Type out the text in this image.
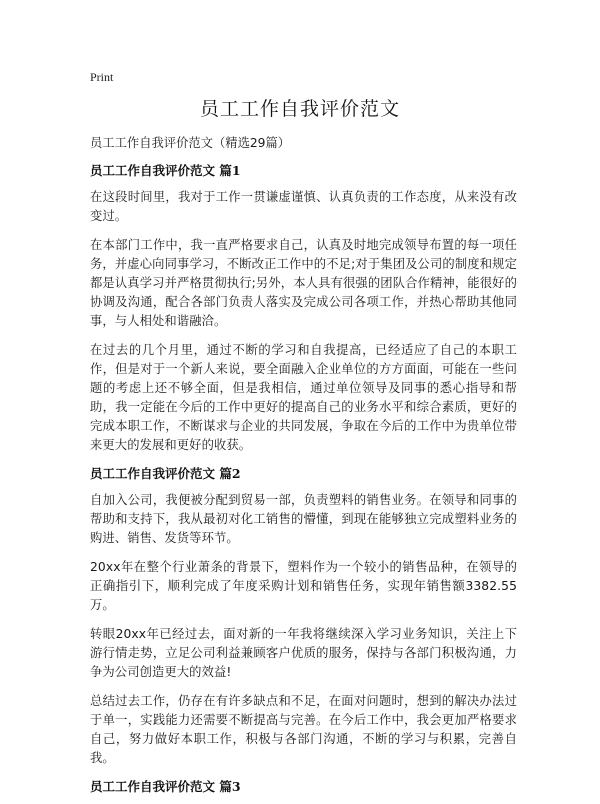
Print
员工工作自我评价范文

员工工作自我评价范文（精选29篇）

员工工作自我评价范文 篇1

在这段时间里，我对于工作一贯谦虚谨慎、认真负责的工作态度，从来没有改变过。

在本部门工作中，我一直严格要求自己，认真及时地完成领导布置的每一项任务，并虚心向同事学习，不断改正工作中的不足;对于集团及公司的制度和规定都是认真学习并严格贯彻执行;另外，本人具有很强的团队合作精神，能很好的协调及沟通，配合各部门负责人落实及完成公司各项工作，并热心帮助其他同事，与人相处和谐融洽。

在过去的几个月里，通过不断的学习和自我提高，已经适应了自己的本职工作，但是对于一个新人来说，要全面融入企业单位的方方面面，可能在一些问题的考虑上还不够全面，但是我相信，通过单位领导及同事的悉心指导和帮助，我一定能在今后的工作中更好的提高自己的业务水平和综合素质，更好的完成本职工作，不断谋求与企业的共同发展，争取在今后的工作中为贵单位带来更大的发展和更好的收获。

员工工作自我评价范文 篇2

自加入公司，我便被分配到贸易一部，负责塑料的销售业务。在领导和同事的帮助和支持下，我从最初对化工销售的懵懂，到现在能够独立完成塑料业务的购进、销售、发货等环节。

20xx年在整个行业萧条的背景下，塑料作为一个较小的销售品种，在领导的正确指引下，顺利完成了年度采购计划和销售任务，实现年销售额3382.55万。

转眼20xx年已经过去，面对新的一年我将继续深入学习业务知识，关注上下游行情走势，立足公司利益兼顾客户优质的服务，保持与各部门积极沟通，力争为公司创造更大的效益!

总结过去工作，仍存在有许多缺点和不足，在面对问题时，想到的解决办法过于单一，实践能力还需要不断提高与完善。在今后工作中，我会更加严格要求自己，努力做好本职工作，积极与各部门沟通，不断的学习与积累，完善自我。

员工工作自我评价范文 篇3
